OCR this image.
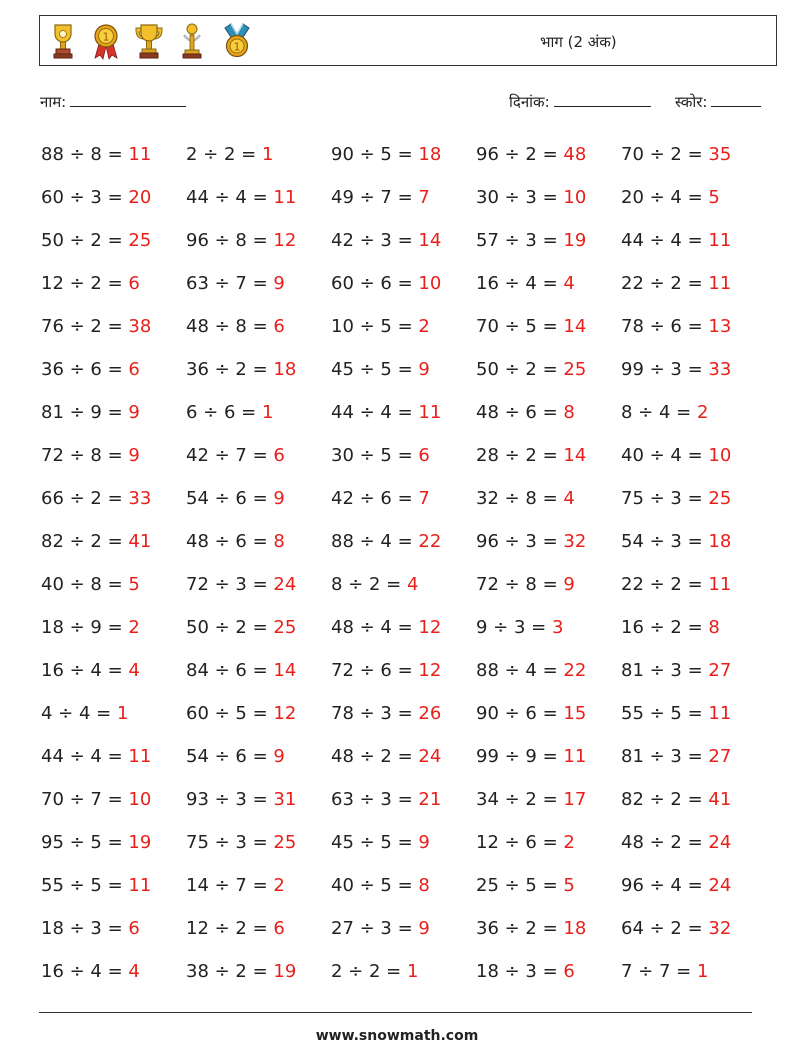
1
1	भाग (2 अंक)
नाम:	दिनांक:	स्कोर:
88 ÷ 8 = 11	2 ÷ 2 = 1	90 ÷ 5 = 18	96 ÷ 2 = 48	70 ÷ 2 = 35
60 ÷ 3 = 20	44 ÷ 4 = 11	49 ÷ 7 = 7	30 ÷ 3 = 10	20 ÷ 4 = 5
50 ÷ 2 = 25	96 ÷ 8 = 12	42 ÷ 3 = 14	57 ÷ 3 = 19	44 ÷ 4 = 11
12 ÷ 2 = 6	63 ÷ 7 = 9	60 ÷ 6 = 10	16 ÷ 4 = 4	22 ÷ 2 = 11
76 ÷ 2 = 38	48 ÷ 8 = 6	10 ÷ 5 = 2	70 ÷ 5 = 14	78 ÷ 6 = 13
36 ÷ 6 = 6	36 ÷ 2 = 18	45 ÷ 5 = 9	50 ÷ 2 = 25	99 ÷ 3 = 33
81 ÷ 9 = 9	6 ÷ 6 = 1	44 ÷ 4 = 11	48 ÷ 6 = 8	8 ÷ 4 = 2
72 ÷ 8 = 9	42 ÷ 7 = 6	30 ÷ 5 = 6	28 ÷ 2 = 14	40 ÷ 4 = 10
66 ÷ 2 = 33	54 ÷ 6 = 9	42 ÷ 6 = 7	32 ÷ 8 = 4	75 ÷ 3 = 25
82 ÷ 2 = 41	48 ÷ 6 = 8	88 ÷ 4 = 22	96 ÷ 3 = 32	54 ÷ 3 = 18
40 ÷ 8 = 5	72 ÷ 3 = 24	8 ÷ 2 = 4	72 ÷ 8 = 9	22 ÷ 2 = 11
18 ÷ 9 = 2	50 ÷ 2 = 25	48 ÷ 4 = 12	9 ÷ 3 = 3	16 ÷ 2 = 8
16 ÷ 4 = 4	84 ÷ 6 = 14	72 ÷ 6 = 12	88 ÷ 4 = 22	81 ÷ 3 = 27
4 ÷ 4 = 1	60 ÷ 5 = 12	78 ÷ 3 = 26	90 ÷ 6 = 15	55 ÷ 5 = 11
44 ÷ 4 = 11	54 ÷ 6 = 9	48 ÷ 2 = 24	99 ÷ 9 = 11	81 ÷ 3 = 27
70 ÷ 7 = 10	93 ÷ 3 = 31	63 ÷ 3 = 21	34 ÷ 2 = 17	82 ÷ 2 = 41
95 ÷ 5 = 19	75 ÷ 3 = 25	45 ÷ 5 = 9	12 ÷ 6 = 2	48 ÷ 2 = 24
55 ÷ 5 = 11	14 ÷ 7 = 2	40 ÷ 5 = 8	25 ÷ 5 = 5	96 ÷ 4 = 24
18 ÷ 3 = 6	12 ÷ 2 = 6	27 ÷ 3 = 9	36 ÷ 2 = 18	64 ÷ 2 = 32
16 ÷ 4 = 4	38 ÷ 2 = 19	2 ÷ 2 = 1	18 ÷ 3 = 6	7 ÷ 7 = 1
www.snowmath.com
